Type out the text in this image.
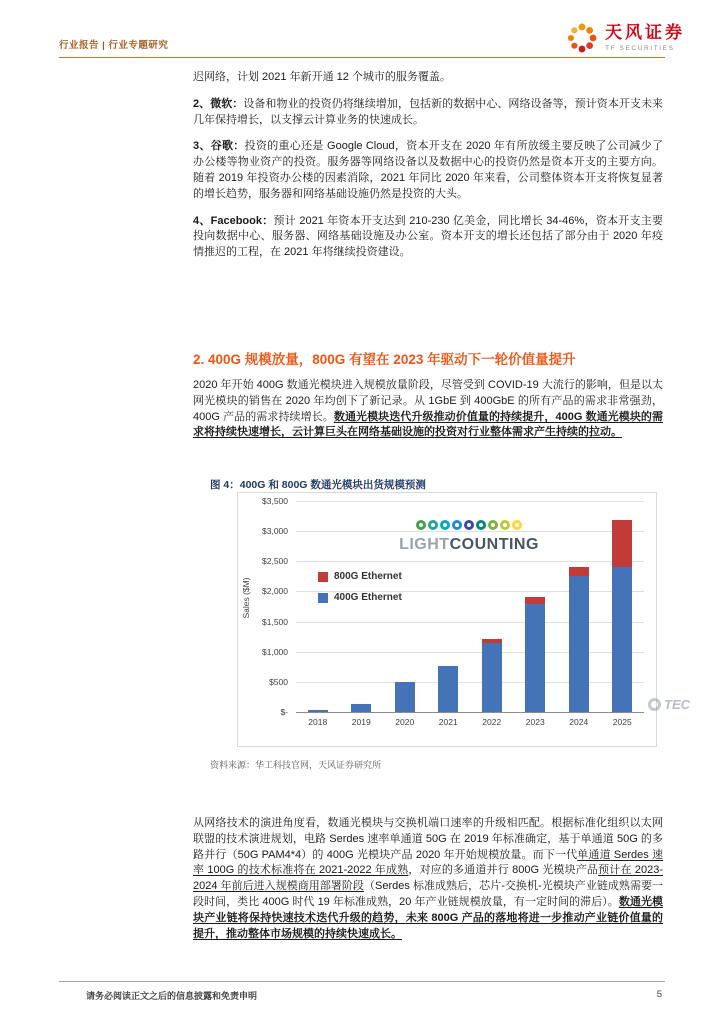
行业报告 | 行业专题研究
天风证券
TF SECURITIES

迟网络，计划 2021 年新开通 12 个城市的服务覆盖。

2、微软：设备和物业的投资仍将继续增加，包括新的数据中心、网络设备等，预计资本开支未来几年保持增长，以支撑云计算业务的快速成长。

3、谷歌：投资的重心还是 Google Cloud，资本开支在 2020 年有所放缓主要反映了公司减少了办公楼等物业资产的投资。服务器等网络设备以及数据中心的投资仍然是资本开支的主要方向。随着 2019 年投资办公楼的因素消除，2021 年同比 2020 年来看，公司整体资本开支将恢复显著的增长趋势，服务器和网络基础设施仍然是投资的大头。

4、Facebook：预计 2021 年资本开支达到 210-230 亿美金，同比增长 34-46%，资本开支主要投向数据中心、服务器、网络基础设施及办公室。资本开支的增长还包括了部分由于 2020 年疫情推迟的工程，在 2021 年将继续投资建设。

2. 400G 规模放量，800G 有望在 2023 年驱动下一轮价值量提升

2020 年开始 400G 数通光模块进入规模放量阶段，尽管受到 COVID-19 大流行的影响，但是以太网光模块的销售在 2020 年均创下了新记录。从 1GbE 到 400GbE 的所有产品的需求非常强劲，400G 产品的需求持续增长。数通光模块迭代升级推动价值量的持续提升，400G 数通光模块的需求将持续快速增长，云计算巨头在网络基础设施的投资对行业整体需求产生持续的拉动。

图 4：400G 和 800G 数通光模块出货规模预测
Sales ($M)
$-
$500
$1,000
$1,500
$2,000
$2,500
$3,000
$3,500
LIGHTCOUNTING
800G Ethernet
400G Ethernet
TEC
2018	2019	2020	2021	2022	2023	2024	2025
资料来源：华工科技官网，天风证券研究所

从网络技术的演进角度看，数通光模块与交换机端口速率的升级相匹配。根据标准化组织以太网联盟的技术演进规划，电路 Serdes 速率单通道 50G 在 2019 年标准确定，基于单通道 50G 的多路并行（50G PAM4*4）的 400G 光模块产品 2020 年开始规模放量。而下一代单通道 Serdes 速率 100G 的技术标准将在 2021-2022 年成熟，对应的多通道并行 800G 光模块产品预计在 2023-2024 年前后进入规模商用部署阶段（Serdes 标准成熟后，芯片-交换机-光模块产业链成熟需要一段时间，类比 400G 时代 19 年标准成熟，20 年产业链规模放量，有一定时间的滞后）。数通光模块产业链将保持快速技术迭代升级的趋势，未来 800G 产品的落地将进一步推动产业链价值量的提升，推动整体市场规模的持续快速成长。

请务必阅读正文之后的信息披露和免责申明	5
